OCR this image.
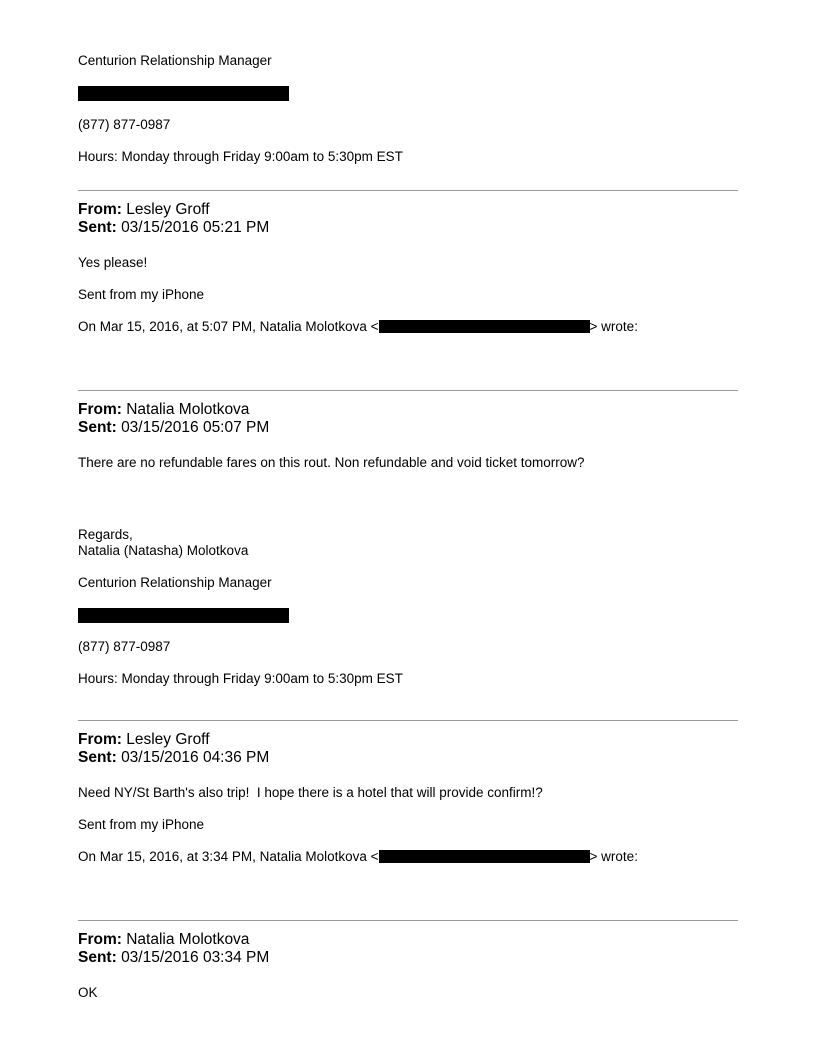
Centurion Relationship Manager
(877) 877-0987
Hours: Monday through Friday 9:00am to 5:30pm EST
From: Lesley Groff
Sent: 03/15/2016 05:21 PM
Yes please!
Sent from my iPhone
On Mar 15, 2016, at 5:07 PM, Natalia Molotkova <	> wrote:
From: Natalia Molotkova
Sent: 03/15/2016 05:07 PM
There are no refundable fares on this rout. Non refundable and void ticket tomorrow?
Regards,
Natalia (Natasha) Molotkova
Centurion Relationship Manager
(877) 877-0987
Hours: Monday through Friday 9:00am to 5:30pm EST
From: Lesley Groff
Sent: 03/15/2016 04:36 PM
Need NY/St Barth's also trip!  I hope there is a hotel that will provide confirm!?
Sent from my iPhone
On Mar 15, 2016, at 3:34 PM, Natalia Molotkova <	> wrote:
From: Natalia Molotkova
Sent: 03/15/2016 03:34 PM
OK
